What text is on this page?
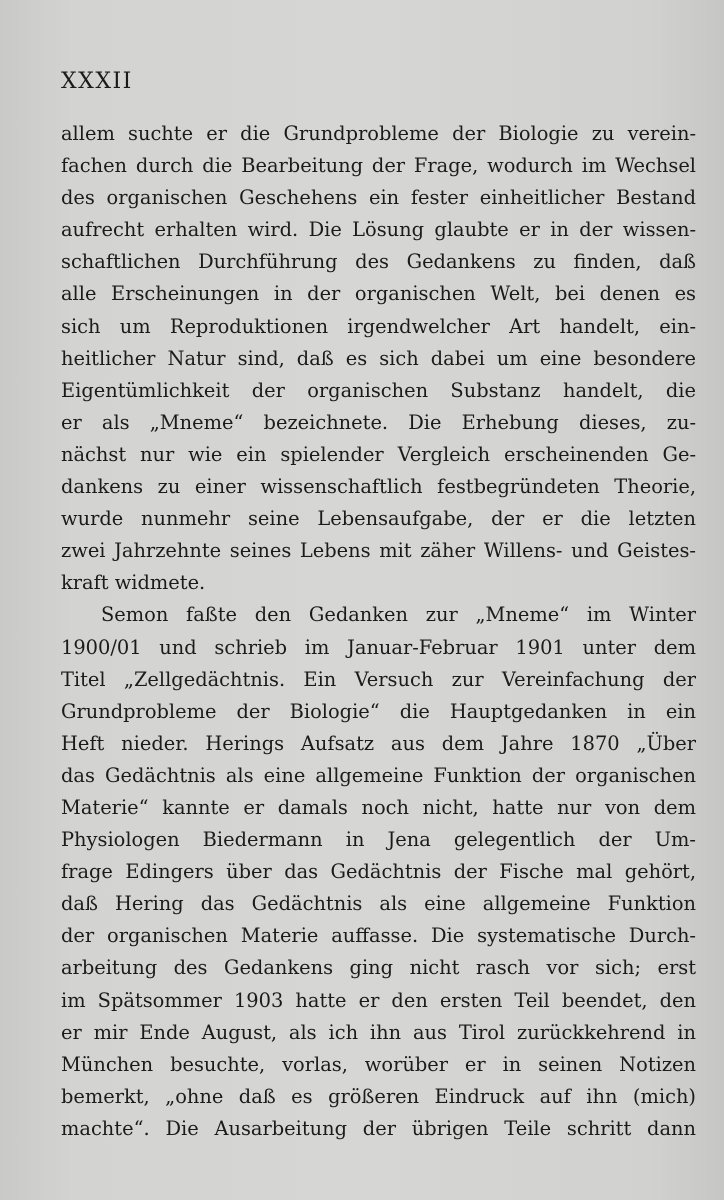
XXXII
allem suchte er die Grundprobleme der Biologie zu verein-
fachen durch die Bearbeitung der Frage, wodurch im Wechsel
des organischen Geschehens ein fester einheitlicher Bestand
aufrecht erhalten wird. Die Lösung glaubte er in der wissen-
schaftlichen Durchführung des Gedankens zu finden, daß
alle Erscheinungen in der organischen Welt, bei denen es
sich um Reproduktionen irgendwelcher Art handelt, ein-
heitlicher Natur sind, daß es sich dabei um eine besondere
Eigentümlichkeit der organischen Substanz handelt, die
er als „Mneme“ bezeichnete. Die Erhebung dieses, zu-
nächst nur wie ein spielender Vergleich erscheinenden Ge-
dankens zu einer wissenschaftlich festbegründeten Theorie,
wurde nunmehr seine Lebensaufgabe, der er die letzten
zwei Jahrzehnte seines Lebens mit zäher Willens- und Geistes-
kraft widmete.
Semon faßte den Gedanken zur „Mneme“ im Winter
1900/01 und schrieb im Januar-Februar 1901 unter dem
Titel „Zellgedächtnis. Ein Versuch zur Vereinfachung der
Grundprobleme der Biologie“ die Hauptgedanken in ein
Heft nieder. Herings Aufsatz aus dem Jahre 1870 „Über
das Gedächtnis als eine allgemeine Funktion der organischen
Materie“ kannte er damals noch nicht, hatte nur von dem
Physiologen Biedermann in Jena gelegentlich der Um-
frage Edingers über das Gedächtnis der Fische mal gehört,
daß Hering das Gedächtnis als eine allgemeine Funktion
der organischen Materie auffasse. Die systematische Durch-
arbeitung des Gedankens ging nicht rasch vor sich; erst
im Spätsommer 1903 hatte er den ersten Teil beendet, den
er mir Ende August, als ich ihn aus Tirol zurückkehrend in
München besuchte, vorlas, worüber er in seinen Notizen
bemerkt, „ohne daß es größeren Eindruck auf ihn (mich)
machte“. Die Ausarbeitung der übrigen Teile schritt dann
